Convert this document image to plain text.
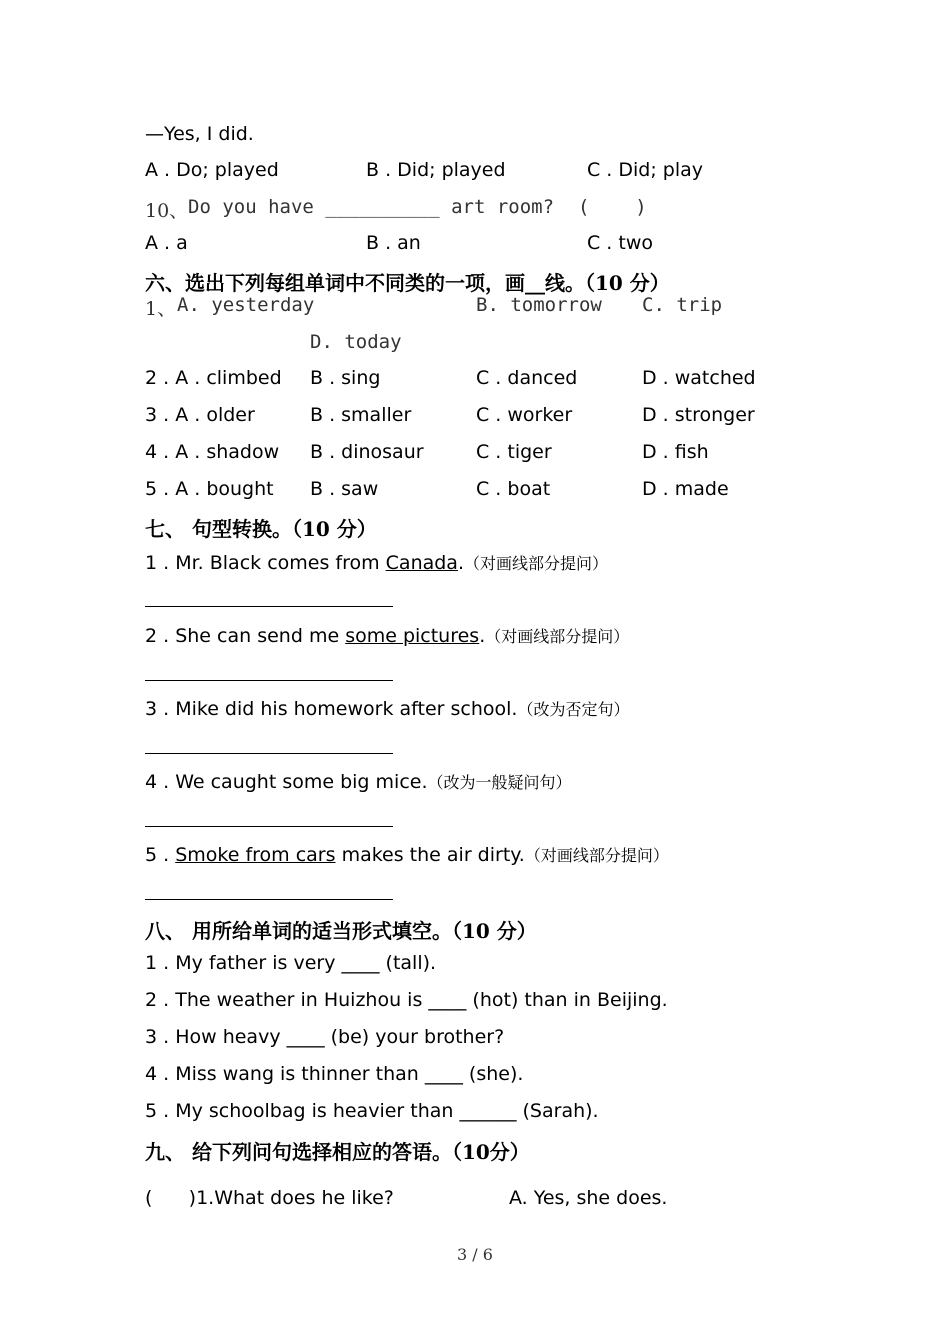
—Yes, I did.
A . Do; played	B . Did; played	C . Did; play
10、 Do you have __________ art room? (    )
A . a	B . an	C . two
六、选出下列每组单词中不同类的一项，画__线。（10 分）
1、 A. yesterday	B. tomorrow C. trip
D. today
2 . A . climbed B . sing	C . danced	D . watched
3 . A . older	B . smaller	C . worker	D . stronger
4 . A . shadow B . dinosaur	C . tiger	D . fish
5 . A . bought B . saw	C . boat	D . made
七、 句型转换。（10 分）
1 . Mr. Black comes from Canada.（对画线部分提问）
2 . She can send me some pictures.（对画线部分提问）
3 . Mike did his homework after school.（改为否定句）
4 . We caught some big mice.（改为一般疑问句）
5 . Smoke from cars makes the air dirty.（对画线部分提问）
八、 用所给单词的适当形式填空。（10 分）
1 . My father is very ____ (tall).
2 . The weather in Huizhou is ____ (hot) than in Beijing.
3 . How heavy ____ (be) your brother?
4 . Miss wang is thinner than ____ (she).
5 . My schoolbag is heavier than ______ (Sarah).
九、 给下列问句选择相应的答语。（10分）
(      )1.What does he like?	A. Yes, she does.
3 / 6
